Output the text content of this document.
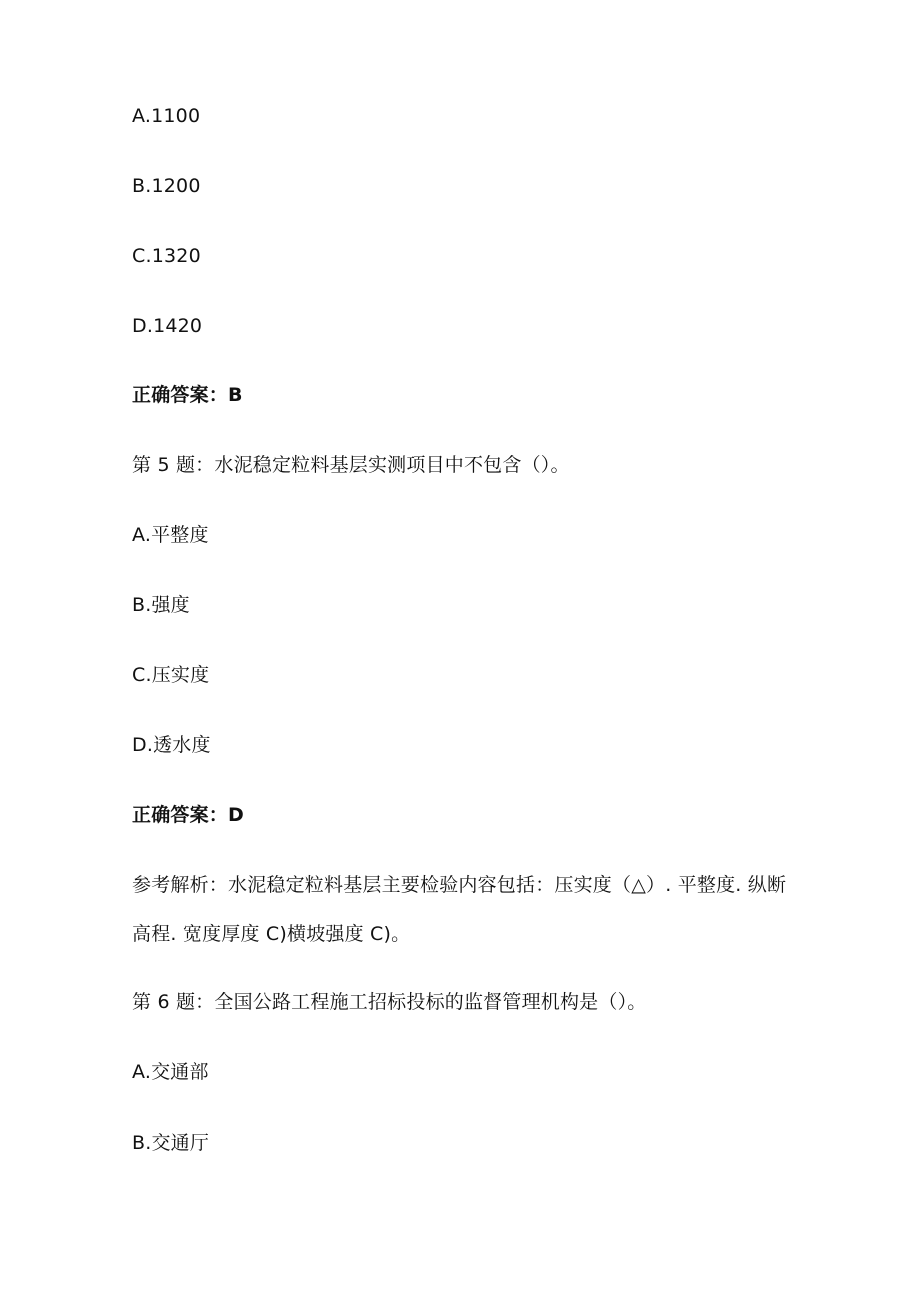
A.1100
B.1200
C.1320
D.1420
正确答案：B
第 5 题：水泥稳定粒料基层实测项目中不包含（）。
A.平整度
B.强度
C.压实度
D.透水度
正确答案：D
参考解析：水泥稳定粒料基层主要检验内容包括：压实度（△）. 平整度. 纵断
高程. 宽度厚度 C)横坡强度 C)。
第 6 题：全国公路工程施工招标投标的监督管理机构是（）。
A.交通部
B.交通厅
